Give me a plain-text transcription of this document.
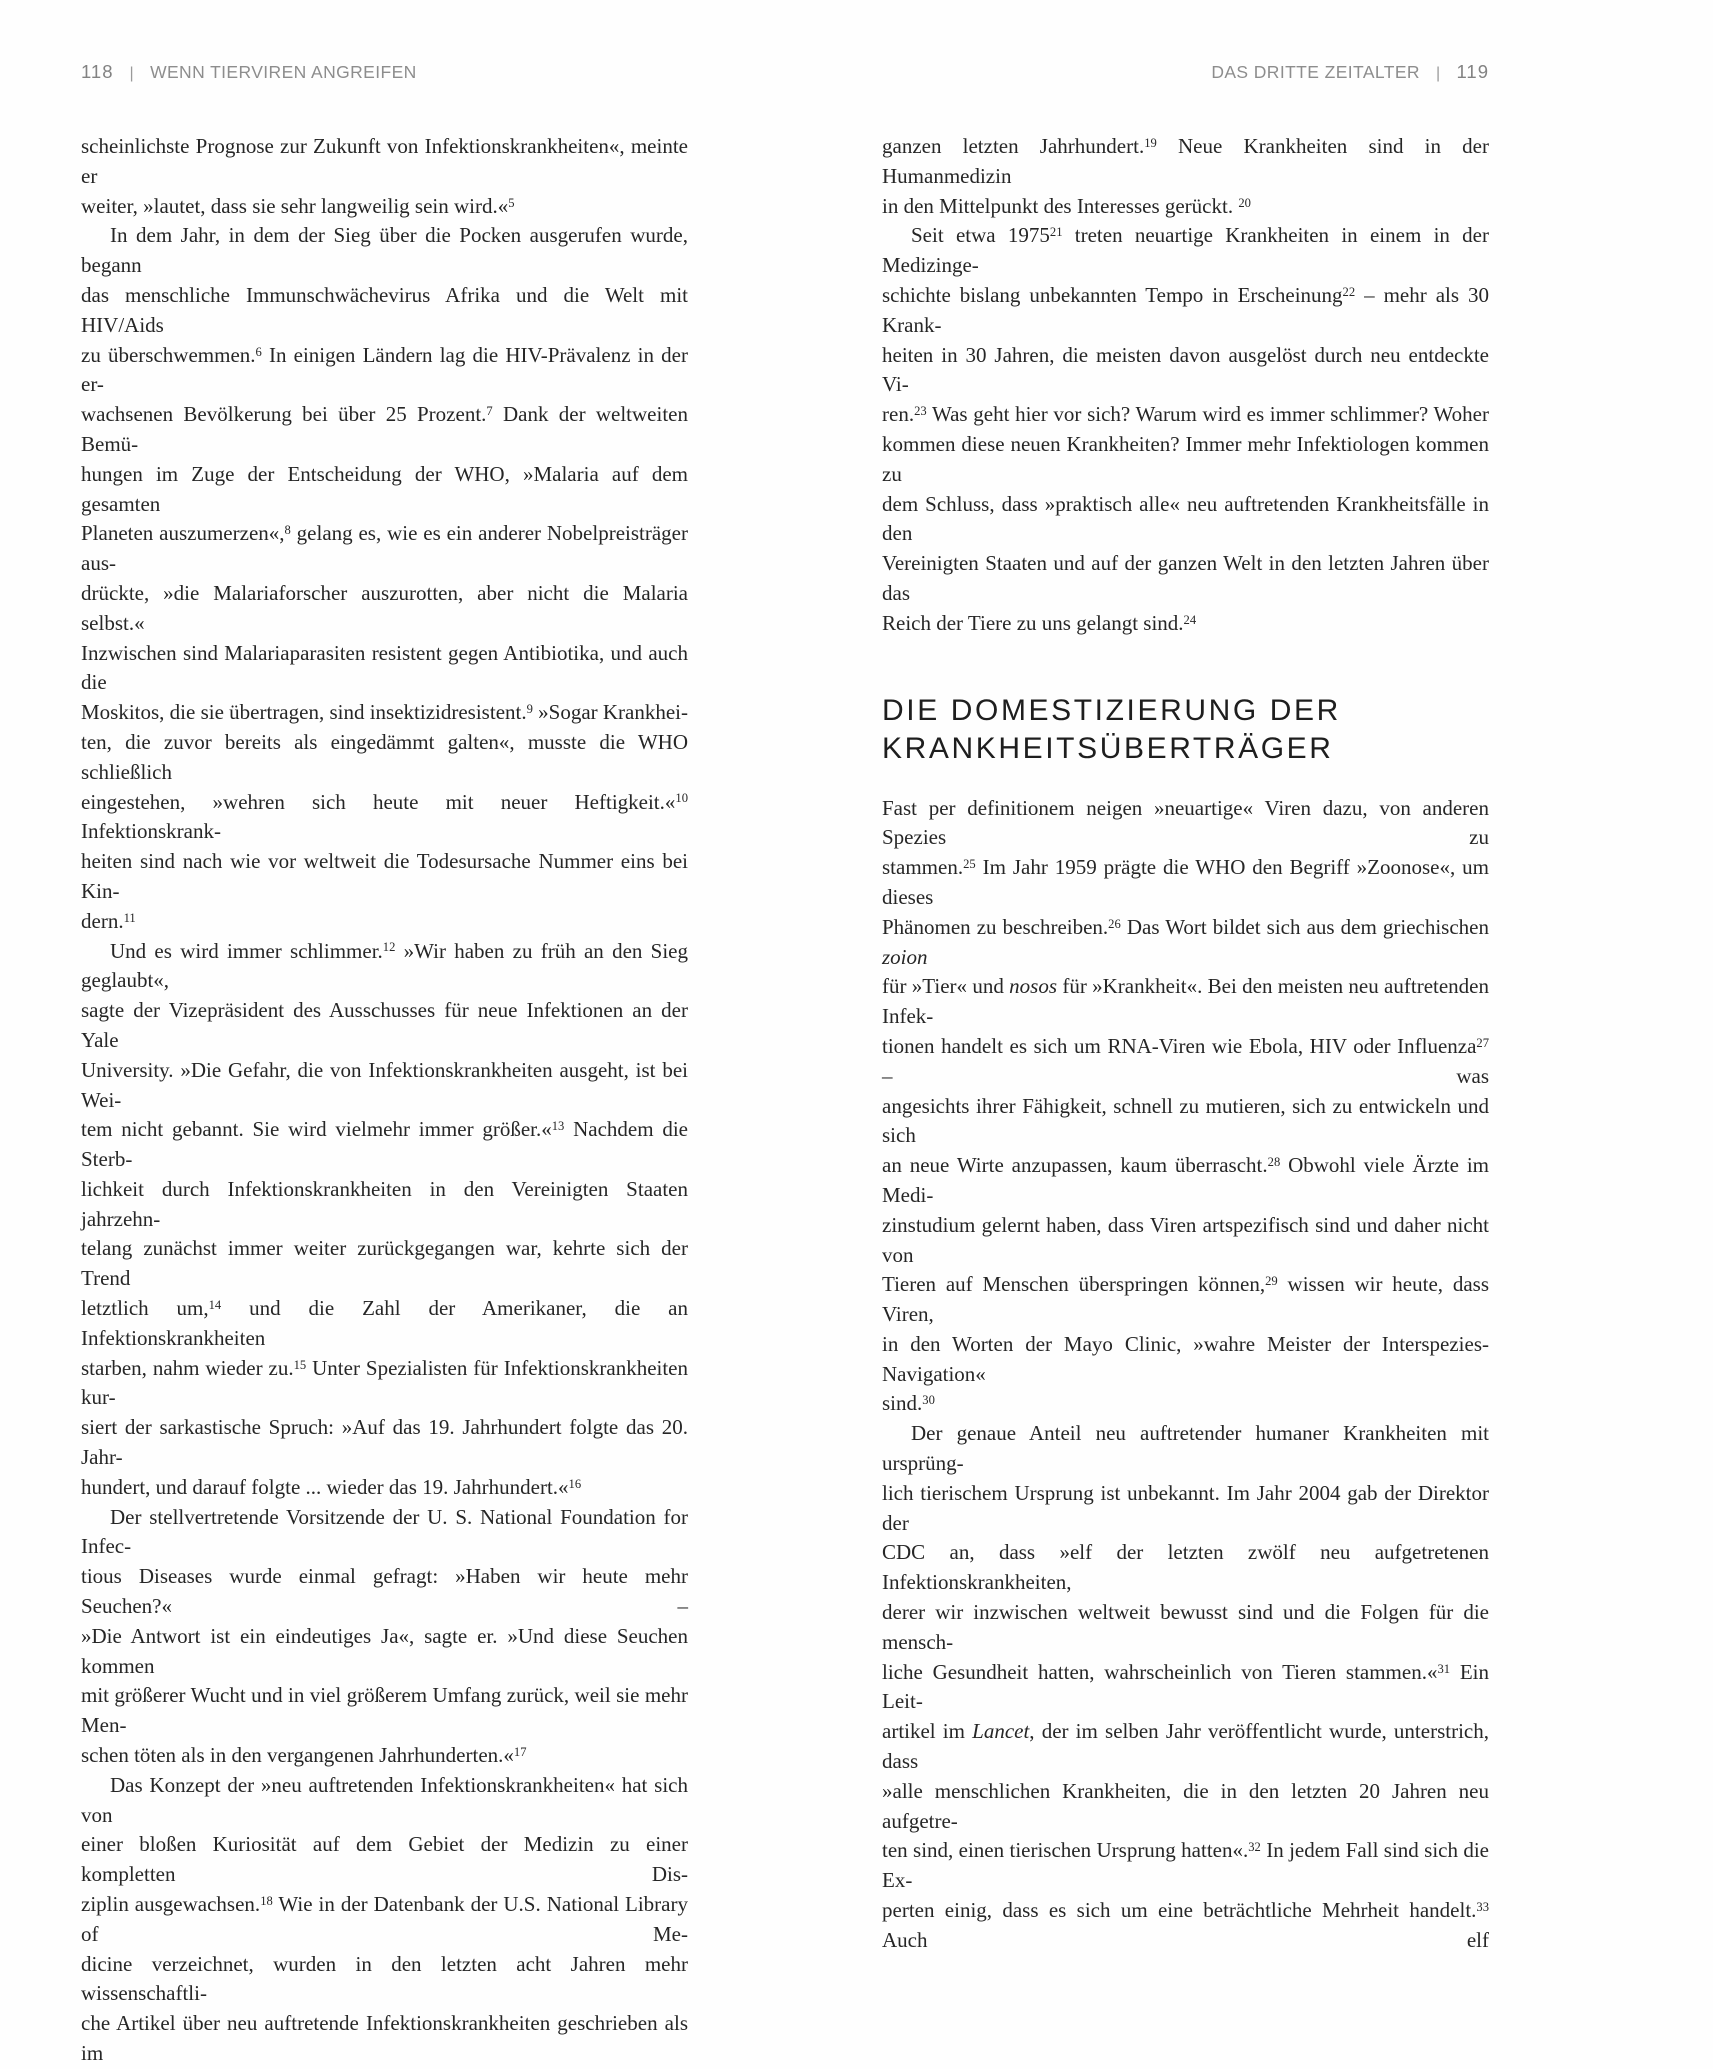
118 | WENN TIERVIREN ANGREIFEN
scheinlichste Prognose zur Zukunft von Infektionskrankheiten«, meinte er
weiter, »lautet, dass sie sehr langweilig sein wird.«$^5$
In dem Jahr, in dem der Sieg über die Pocken ausgerufen wurde, begann
das menschliche Immunschwächevirus Afrika und die Welt mit HIV/Aids
zu überschwemmen.$^6$ In einigen Ländern lag die HIV-Prävalenz in der er-
wachsenen Bevölkerung bei über 25 Prozent.$^7$ Dank der weltweiten Bemü-
hungen im Zuge der Entscheidung der WHO, »Malaria auf dem gesamten
Planeten auszumerzen«,$^8$ gelang es, wie es ein anderer Nobelpreisträger aus-
drückte, »die Malariaforscher auszurotten, aber nicht die Malaria selbst.«
Inzwischen sind Malariaparasiten resistent gegen Antibiotika, und auch die
Moskitos, die sie übertragen, sind insektizidresistent.$^9$ »Sogar Krankhei-
ten, die zuvor bereits als eingedämmt galten«, musste die WHO schließlich
eingestehen, »wehren sich heute mit neuer Heftigkeit.«$^{10}$ Infektionskrank-
heiten sind nach wie vor weltweit die Todesursache Nummer eins bei Kin-
dern.$^{11}$
Und es wird immer schlimmer.$^{12}$ »Wir haben zu früh an den Sieg geglaubt«,
sagte der Vizepräsident des Ausschusses für neue Infektionen an der Yale
University. »Die Gefahr, die von Infektionskrankheiten ausgeht, ist bei Wei-
tem nicht gebannt. Sie wird vielmehr immer größer.«$^{13}$ Nachdem die Sterb-
lichkeit durch Infektionskrankheiten in den Vereinigten Staaten jahrzehn-
telang zunächst immer weiter zurückgegangen war, kehrte sich der Trend
letztlich um,$^{14}$ und die Zahl der Amerikaner, die an Infektionskrankheiten
starben, nahm wieder zu.$^{15}$ Unter Spezialisten für Infektionskrankheiten kur-
siert der sarkastische Spruch: »Auf das 19. Jahrhundert folgte das 20. Jahr-
hundert, und darauf folgte ... wieder das 19. Jahrhundert.«$^{16}$
Der stellvertretende Vorsitzende der U. S. National Foundation for Infec-
tious Diseases wurde einmal gefragt: »Haben wir heute mehr Seuchen?« –
»Die Antwort ist ein eindeutiges Ja«, sagte er. »Und diese Seuchen kommen
mit größerer Wucht und in viel größerem Umfang zurück, weil sie mehr Men-
schen töten als in den vergangenen Jahrhunderten.«$^{17}$
Das Konzept der »neu auftretenden Infektionskrankheiten« hat sich von
einer bloßen Kuriosität auf dem Gebiet der Medizin zu einer kompletten Dis-
ziplin ausgewachsen.$^{18}$ Wie in der Datenbank der U.S. National Library of Me-
dicine verzeichnet, wurden in den letzten acht Jahren mehr wissenschaftli-
che Artikel über neu auftretende Infektionskrankheiten geschrieben als im
DAS DRITTE ZEITALTER | 119
ganzen letzten Jahrhundert.$^{19}$ Neue Krankheiten sind in der Humanmedizin
in den Mittelpunkt des Interesses gerückt. $^{20}$
Seit etwa 1975$^{21}$ treten neuartige Krankheiten in einem in der Medizinge-
schichte bislang unbekannten Tempo in Erscheinung$^{22}$ – mehr als 30 Krank-
heiten in 30 Jahren, die meisten davon ausgelöst durch neu entdeckte Vi-
ren.$^{23}$ Was geht hier vor sich? Warum wird es immer schlimmer? Woher
kommen diese neuen Krankheiten? Immer mehr Infektiologen kommen zu
dem Schluss, dass »praktisch alle« neu auftretenden Krankheitsfälle in den
Vereinigten Staaten und auf der ganzen Welt in den letzten Jahren über das
Reich der Tiere zu uns gelangt sind.$^{24}$
DIE DOMESTIZIERUNG DER
KRANKHEITSÜBERTRÄGER
Fast per definitionem neigen »neuartige« Viren dazu, von anderen Spezies zu
stammen.$^{25}$ Im Jahr 1959 prägte die WHO den Begriff »Zoonose«, um dieses
Phänomen zu beschreiben.$^{26}$ Das Wort bildet sich aus dem griechischen zoion
für »Tier« und nosos für »Krankheit«. Bei den meisten neu auftretenden Infek-
tionen handelt es sich um RNA-Viren wie Ebola, HIV oder Influenza$^{27}$ – was
angesichts ihrer Fähigkeit, schnell zu mutieren, sich zu entwickeln und sich
an neue Wirte anzupassen, kaum überrascht.$^{28}$ Obwohl viele Ärzte im Medi-
zinstudium gelernt haben, dass Viren artspezifisch sind und daher nicht von
Tieren auf Menschen überspringen können,$^{29}$ wissen wir heute, dass Viren,
in den Worten der Mayo Clinic, »wahre Meister der Interspezies-Navigation«
sind.$^{30}$
Der genaue Anteil neu auftretender humaner Krankheiten mit ursprüng-
lich tierischem Ursprung ist unbekannt. Im Jahr 2004 gab der Direktor der
CDC an, dass »elf der letzten zwölf neu aufgetretenen Infektionskrankheiten,
derer wir inzwischen weltweit bewusst sind und die Folgen für die mensch-
liche Gesundheit hatten, wahrscheinlich von Tieren stammen.«$^{31}$ Ein Leit-
artikel im Lancet, der im selben Jahr veröffentlicht wurde, unterstrich, dass
»alle menschlichen Krankheiten, die in den letzten 20 Jahren neu aufgetre-
ten sind, einen tierischen Ursprung hatten«.$^{32}$ In jedem Fall sind sich die Ex-
perten einig, dass es sich um eine beträchtliche Mehrheit handelt.$^{33}$ Auch elf
